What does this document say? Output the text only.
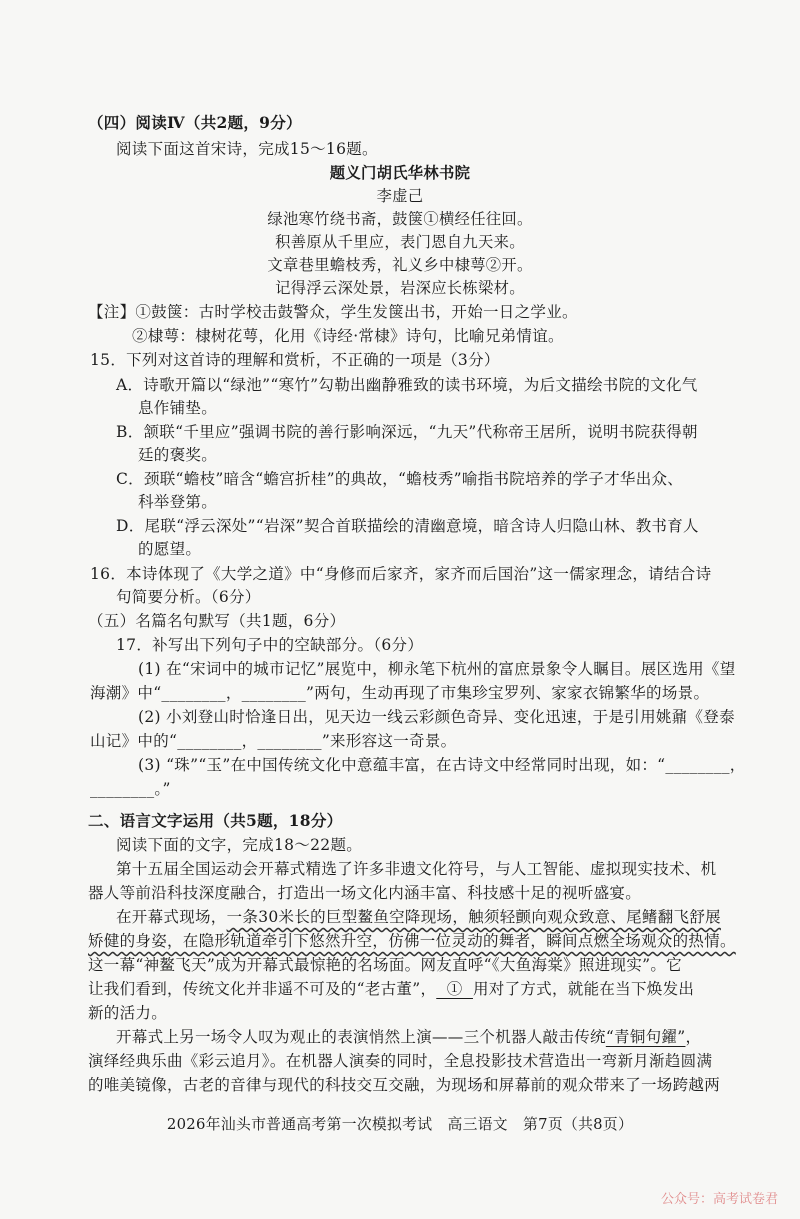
（四）阅读Ⅳ（共2题，9分）
阅读下面这首宋诗，完成15～16题。
题义门胡氏华林书院
李虚己
绿池寒竹绕书斋，鼓箧①横经任往回。
积善原从千里应，表门恩自九天来。
文章巷里蟾枝秀，礼义乡中棣萼②开。
记得浮云深处景，岩深应长栋梁材。
【注】①鼓箧：古时学校击鼓警众，学生发箧出书，开始一日之学业。
②棣萼：棣树花萼，化用《诗经·常棣》诗句，比喻兄弟情谊。
15．下列对这首诗的理解和赏析，不正确的一项是（3分）
A．诗歌开篇以“绿池”“寒竹”勾勒出幽静雅致的读书环境，为后文描绘书院的文化气
息作铺垫。
B．颔联“千里应”强调书院的善行影响深远，“九天”代称帝王居所，说明书院获得朝
廷的褒奖。
C．颈联“蟾枝”暗含“蟾宫折桂”的典故，“蟾枝秀”喻指书院培养的学子才华出众、
科举登第。
D．尾联“浮云深处”“岩深”契合首联描绘的清幽意境，暗含诗人归隐山林、教书育人
的愿望。
16．本诗体现了《大学之道》中“身修而后家齐，家齐而后国治”这一儒家理念，请结合诗
句简要分析。（6分）
（五）名篇名句默写（共1题，6分）
17．补写出下列句子中的空缺部分。（6分）
(1) 在“宋词中的城市记忆”展览中，柳永笔下杭州的富庶景象令人瞩目。展区选用《望
海潮》中“________，________”两句，生动再现了市集珍宝罗列、家家衣锦繁华的场景。
(2) 小刘登山时恰逢日出，见天边一线云彩颜色奇异、变化迅速，于是引用姚鼐《登泰
山记》中的“________，________”来形容这一奇景。
(3) “珠”“玉”在中国传统文化中意蕴丰富，在古诗文中经常同时出现，如：“________，
________。”
二、语言文字运用（共5题，18分）
阅读下面的文字，完成18～22题。
第十五届全国运动会开幕式精选了许多非遗文化符号，与人工智能、虚拟现实技术、机
器人等前沿科技深度融合，打造出一场文化内涵丰富、科技感十足的视听盛宴。
在开幕式现场，一条30米长的巨型鳌鱼空降现场，触须轻颤向观众致意、尾鳍翻飞舒展
矫健的身姿，在隐形轨道牵引下悠然升空，仿佛一位灵动的舞者，瞬间点燃全场观众的热情。
这一幕“神鳌飞天”成为开幕式最惊艳的名场面。网友直呼“《大鱼海棠》照进现实”。它
让我们看到，传统文化并非遥不可及的“老古董”，  ①  用对了方式，就能在当下焕发出
新的活力。
开幕式上另一场令人叹为观止的表演悄然上演——三个机器人敲击传统“青铜句鑃”，
演绎经典乐曲《彩云追月》。在机器人演奏的同时，全息投影技术营造出一弯新月渐趋圆满
的唯美镜像，古老的音律与现代的科技交互交融，为现场和屏幕前的观众带来了一场跨越两
2026年汕头市普通高考第一次模拟考试　高三语文　第7页（共8页）
公众号：高考试卷君
